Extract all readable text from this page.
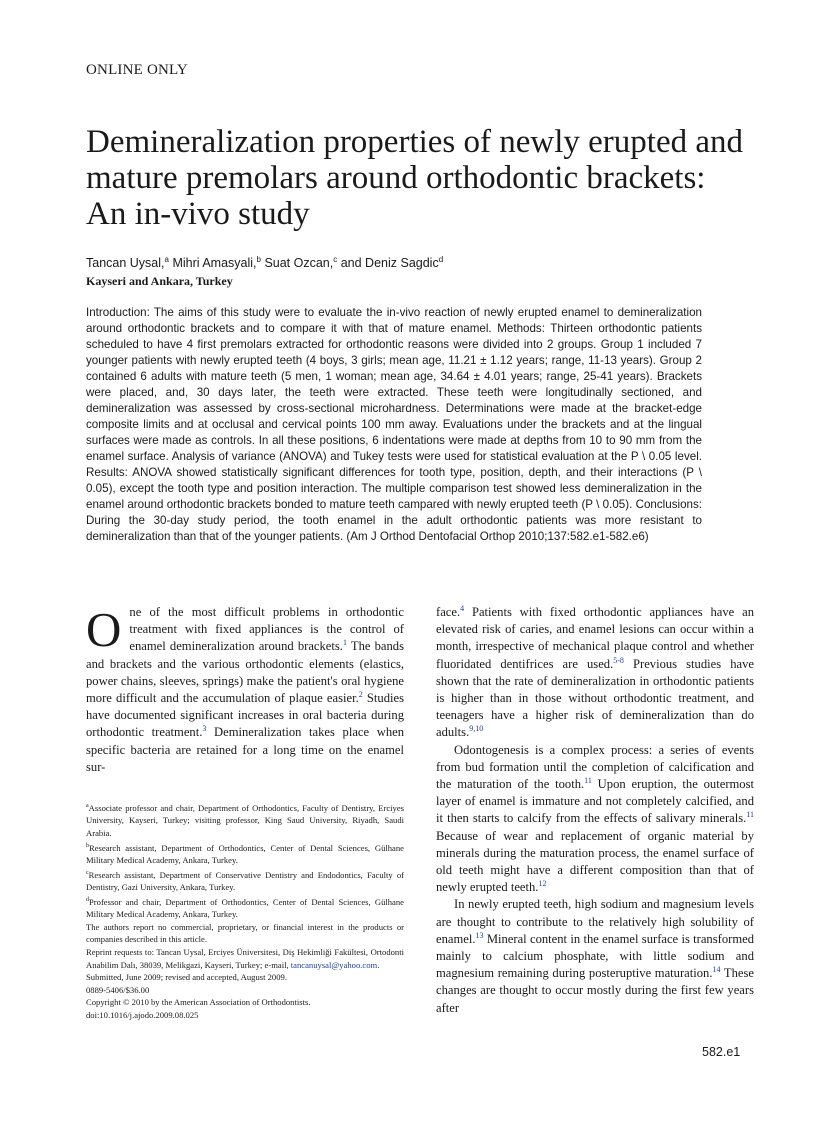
ONLINE ONLY
Demineralization properties of newly erupted and mature premolars around orthodontic brackets: An in-vivo study
Tancan Uysal,$^a$ Mihri Amasyali,$^b$ Suat Ozcan,$^c$ and Deniz Sagdic$^d$
Kayseri and Ankara, Turkey

Introduction: The aims of this study were to evaluate the in-vivo reaction of newly erupted enamel to demineralization around orthodontic brackets and to compare it with that of mature enamel. Methods: Thirteen orthodontic patients scheduled to have 4 first premolars extracted for orthodontic reasons were divided into 2 groups. Group 1 included 7 younger patients with newly erupted teeth (4 boys, 3 girls; mean age, 11.21 ± 1.12 years; range, 11-13 years). Group 2 contained 6 adults with mature teeth (5 men, 1 woman; mean age, 34.64 ± 4.01 years; range, 25-41 years). Brackets were placed, and, 30 days later, the teeth were extracted. These teeth were longitudinally sectioned, and demineralization was assessed by cross-sectional microhardness. Determinations were made at the bracket-edge composite limits and at occlusal and cervical points 100 mm away. Evaluations under the brackets and at the lingual surfaces were made as controls. In all these positions, 6 indentations were made at depths from 10 to 90 mm from the enamel surface. Analysis of variance (ANOVA) and Tukey tests were used for statistical evaluation at the P \ 0.05 level. Results: ANOVA showed statistically significant differences for tooth type, position, depth, and their interactions (P \ 0.05), except the tooth type and position interaction. The multiple comparison test showed less demineralization in the enamel around orthodontic brackets bonded to mature teeth campared with newly erupted teeth (P \ 0.05). Conclusions: During the 30-day study period, the tooth enamel in the adult orthodontic patients was more resistant to demineralization than that of the younger patients. (Am J Orthod Dentofacial Orthop 2010;137:582.e1-582.e6)

One of the most difficult problems in orthodontic treatment with fixed appliances is the control of enamel demineralization around brackets.$^1$ The bands and brackets and the various orthodontic elements (elastics, power chains, sleeves, springs) make the patient's oral hygiene more difficult and the accumulation of plaque easier.$^2$ Studies have documented significant increases in oral bacteria during orthodontic treatment.$^3$ Demineralization takes place when specific bacteria are retained for a long time on the enamel sur-

face.$^4$ Patients with fixed orthodontic appliances have an elevated risk of caries, and enamel lesions can occur within a month, irrespective of mechanical plaque control and whether fluoridated dentifrices are used.$^{5-8}$ Previous studies have shown that the rate of demineralization in orthodontic patients is higher than in those without orthodontic treatment, and teenagers have a higher risk of demineralization than do adults.$^{9,10}$

Odontogenesis is a complex process: a series of events from bud formation until the completion of calcification and the maturation of the tooth.$^{11}$ Upon eruption, the outermost layer of enamel is immature and not completely calcified, and it then starts to calcify from the effects of salivary minerals.$^{11}$ Because of wear and replacement of organic material by minerals during the maturation process, the enamel surface of old teeth might have a different composition than that of newly erupted teeth.$^{12}$

In newly erupted teeth, high sodium and magnesium levels are thought to contribute to the relatively high solubility of enamel.$^{13}$ Mineral content in the enamel surface is transformed mainly to calcium phosphate, with little sodium and magnesium remaining during posteruptive maturation.$^{14}$ These changes are thought to occur mostly during the first few years after

$^a$Associate professor and chair, Department of Orthodontics, Faculty of Dentistry, Erciyes University, Kayseri, Turkey; visiting professor, King Saud University, Riyadh, Saudi Arabia.

$^b$Research assistant, Department of Orthodontics, Center of Dental Sciences, Gülhane Military Medical Academy, Ankara, Turkey.

$^c$Research assistant, Department of Conservative Dentistry and Endodontics, Faculty of Dentistry, Gazi University, Ankara, Turkey.

$^d$Professor and chair, Department of Orthodontics, Center of Dental Sciences, Gülhane Military Medical Academy, Ankara, Turkey.

The authors report no commercial, proprietary, or financial interest in the products or companies described in this article.

Reprint requests to: Tancan Uysal, Erciyes Üniversitesi, Diş Hekimliği Fakültesi, Ortodonti Anabilim Dalı, 38039, Melikgazi, Kayseri, Turkey; e-mail, tancanuysal@yahoo.com.

Submitted, June 2009; revised and accepted, August 2009.

0889-5406/$36.00

Copyright © 2010 by the American Association of Orthodontists.

doi:10.1016/j.ajodo.2009.08.025

582.e1
